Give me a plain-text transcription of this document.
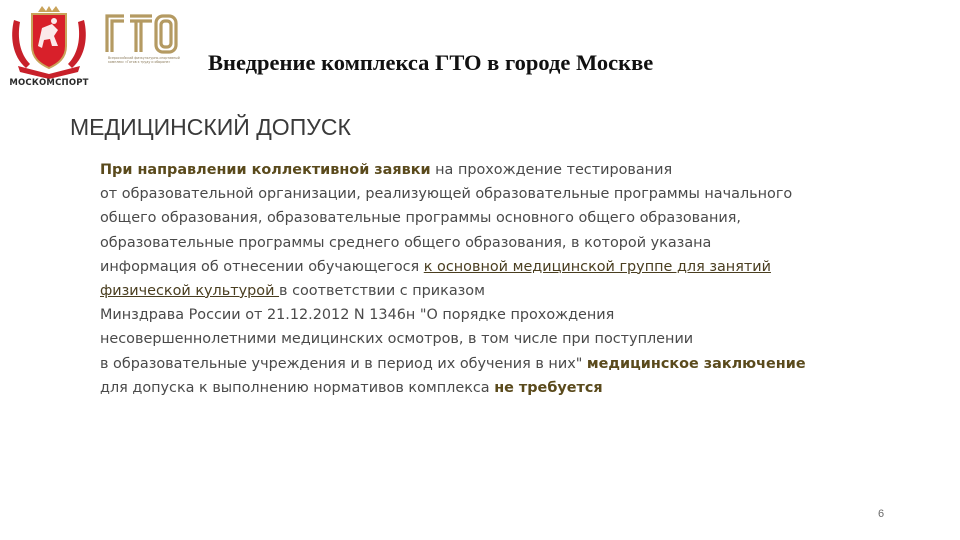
МОСКОМСПОРТ
Всероссийский физкультурно-спортивный комплекс «Готов к труду и обороне»	Внедрение комплекса ГТО в городе Москве
МЕДИЦИНСКИЙ ДОПУСК
При направлении коллективной заявки на прохождение тестирования
от образовательной организации, реализующей образовательные программы начального
общего образования, образовательные программы основного общего образования,
образовательные программы среднего общего образования, в которой указана
информация об отнесении обучающегося к основной медицинской группе для занятий
физической культурой в соответствии с приказом
Минздрава России от 21.12.2012 N 1346н "О порядке прохождения
несовершеннолетними медицинских осмотров, в том числе при поступлении
в образовательные учреждения и в период их обучения в них" медицинское заключение
для допуска к выполнению нормативов комплекса не требуется
6
